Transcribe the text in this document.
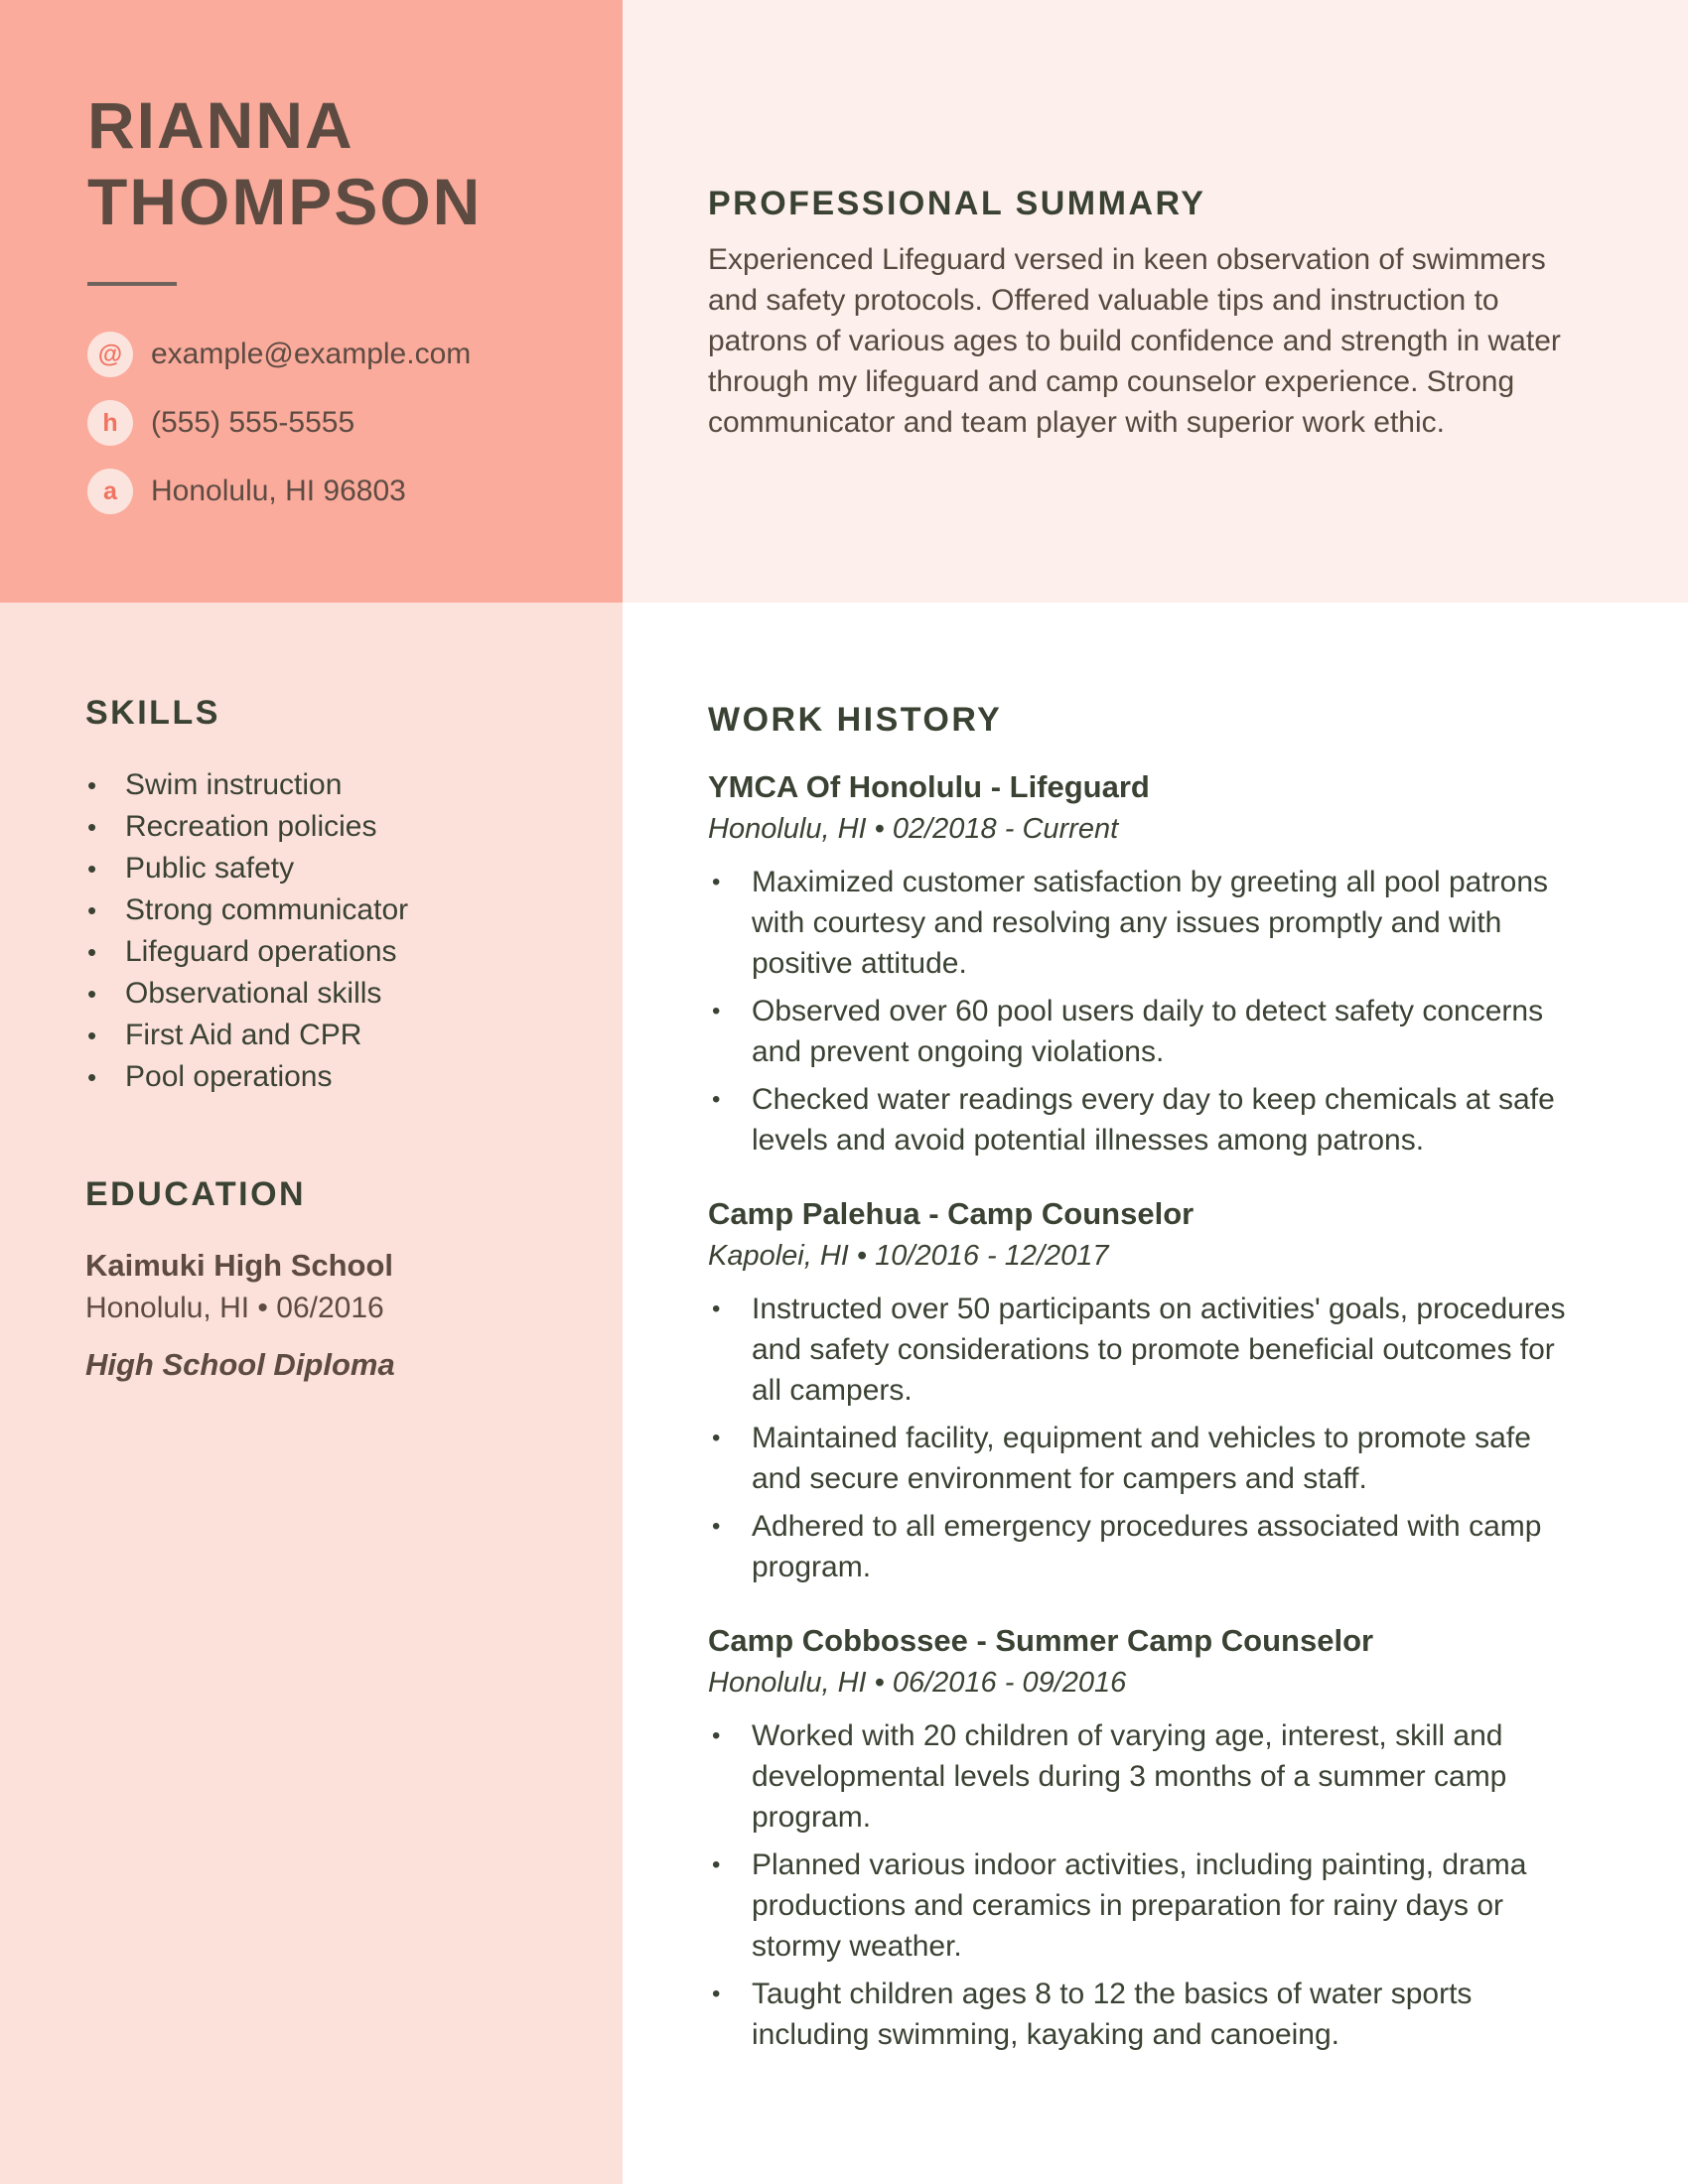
RIANNA
THOMPSON
@ example@example.com
h	(555) 555-5555
a	Honolulu, HI 96803
PROFESSIONAL SUMMARY

Experienced Lifeguard versed in keen observation of swimmers and safety protocols. Offered valuable tips and instruction to patrons of various ages to build confidence and strength in water through my lifeguard and camp counselor experience. Strong communicator and team player with superior work ethic.

SKILLS
• Swim instruction
• Recreation policies
• Public safety
• Strong communicator
• Lifeguard operations
• Observational skills
• First Aid and CPR
• Pool operations
EDUCATION

Kaimuki High School

Honolulu, HI • 06/2016

High School Diploma

WORK HISTORY
YMCA Of Honolulu - Lifeguard

Honolulu, HI • 02/2018 - Current

• Maximized customer satisfaction by greeting all pool patrons with courtesy and resolving any issues promptly and with positive attitude.
• Observed over 60 pool users daily to detect safety concerns and prevent ongoing violations.
• Checked water readings every day to keep chemicals at safe levels and avoid potential illnesses among patrons.
Camp Palehua - Camp Counselor

Kapolei, HI • 10/2016 - 12/2017

• Instructed over 50 participants on activities' goals, procedures and safety considerations to promote beneficial outcomes for all campers.
• Maintained facility, equipment and vehicles to promote safe and secure environment for campers and staff.
• Adhered to all emergency procedures associated with camp program.
Camp Cobbossee - Summer Camp Counselor

Honolulu, HI • 06/2016 - 09/2016

• Worked with 20 children of varying age, interest, skill and developmental levels during 3 months of a summer camp program.
• Planned various indoor activities, including painting, drama productions and ceramics in preparation for rainy days or stormy weather.
• Taught children ages 8 to 12 the basics of water sports including swimming, kayaking and canoeing.
